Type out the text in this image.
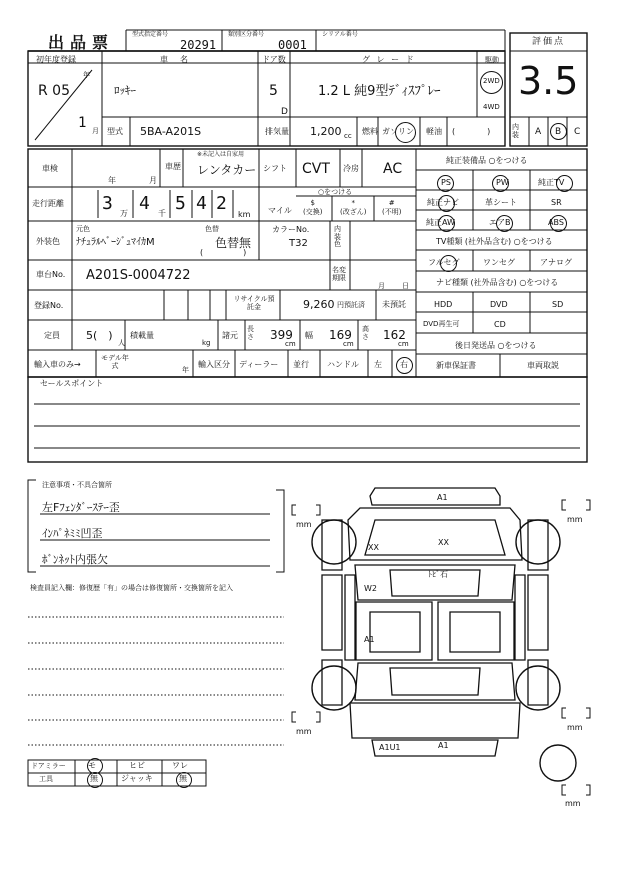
出品票	型式指定番号
20291
類別区分番号
0001
シリアル番号
評価点
初年度登録
年
R 05
1 月
車　名
ﾛｯｷｰ
ドア数
5
D
グ レ ー ド
1.2 L 純9型ﾃﾞｨｽﾌﾟﾚｰ
駆動
2WD
4WD
3.5
型式 5BA-A201S	排気量 1,200 cc 燃料 ガソリン 軽油 (　　　　)	内装 A B C
車検
年	月
車歴
※未記入は自家用
レンタカー シフト CVT 冷房 AC
走行距離 3 万 4 千 5 4 2
km マイル
○をつける
$
(交換)
*
(改ざん)
#
(不明)
外装色
元色
ﾅﾁｭﾗﾙﾍﾞｰｼﾞｭﾏｲｶM
色替
色替無
(　　　　　)
カラーNo.
T32
内装色
車台No. A201S-0004722	名変期限
月 日
登録No.
リサイクル預託金	9,260 円預託済 未預託
定員 5(　)
人
積載量
kg
諸元
長さ 399
cm
幅 169
cm
高さ 162
cm
輸入車のみ→
モデル年式	年
輸入区分 ディーラー 並行 ハンドル 左 右
純正装備品 ○をつける
PS	PW	純正TV
純正ナビ	革シート	SR
純正AW	エアB	ABS
TV種類 (社外品含む) ○をつける
フルセグ	ワンセグ	アナログ
ナビ種類 (社外品含む) ○をつける
HDD	DVD	SD
DVD再生可	CD
後日発送品 ○をつける
新車保証書	車両取説
セールスポイント
注意事項・不具合箇所
左Fﾌｪﾝﾀﾞｰｽﾃｰ歪
ｲﾝﾊﾟﾈﾐﾐ凹歪
ﾎﾞﾝﾈｯﾄ内張欠
検査員記入欄：修復歴「有」の場合は修復箇所・交換箇所を記入
A1
XX
XX
ﾄﾋﾞ石
W2
A1
A1U1	A1
mm
mm
mm	mm
mm
ドアミラー	モ	ヒビ	ワレ
工具	無	ジャッキ	無
